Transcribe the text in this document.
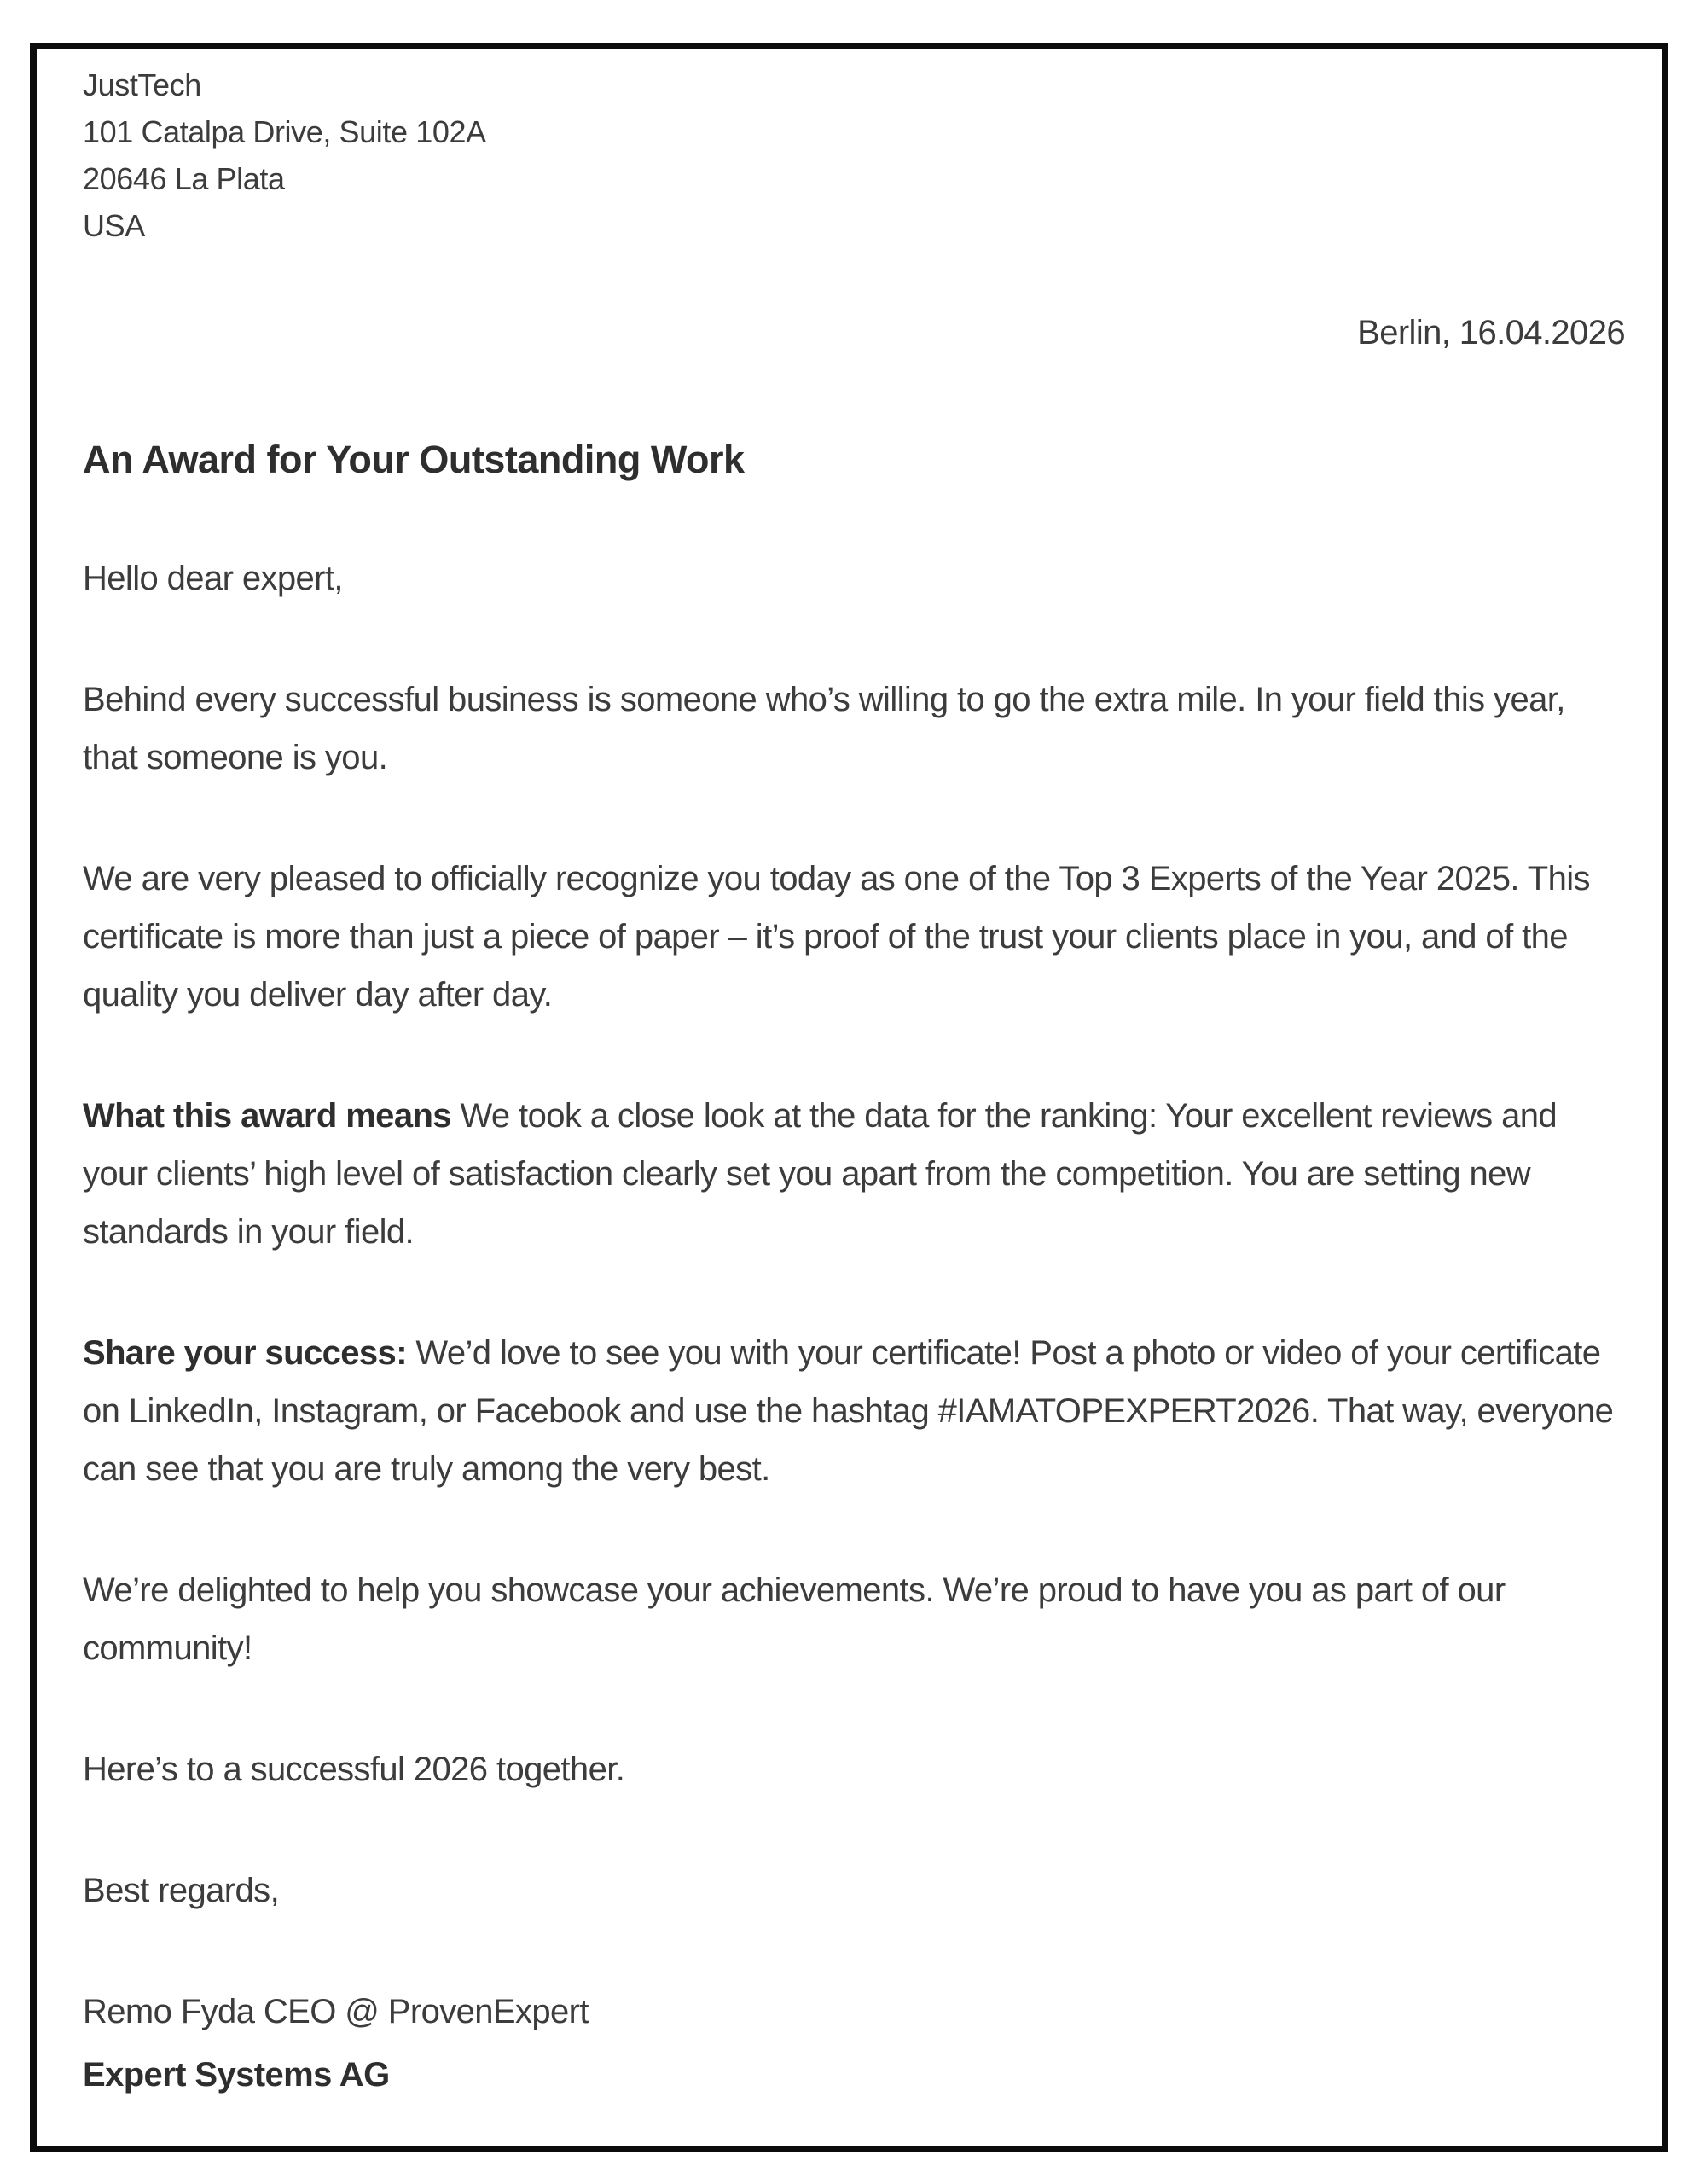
JustTech
101 Catalpa Drive, Suite 102A
20646 La Plata
USA
Berlin, 16.04.2026
An Award for Your Outstanding Work

Hello dear expert,

Behind every successful business is someone who’s willing to go the extra mile. In your field this year, that someone is you.

We are very pleased to officially recognize you today as one of the Top 3 Experts of the Year 2025. This certificate is more than just a piece of paper – it’s proof of the trust your clients place in you, and of the quality you deliver day after day.

What this award means We took a close look at the data for the ranking: Your excellent reviews and your clients’ high level of satisfaction clearly set you apart from the competition. You are setting new standards in your field.

Share your success: We’d love to see you with your certificate! Post a photo or video of your certificate on LinkedIn, Instagram, or Facebook and use the hashtag #IAMATOPEXPERT2026. That way, everyone can see that you are truly among the very best.

We’re delighted to help you showcase your achievements. We’re proud to have you as part of our community!

Here’s to a successful 2026 together.

Best regards,

Remo Fyda CEO @ ProvenExpert

Expert Systems AG
